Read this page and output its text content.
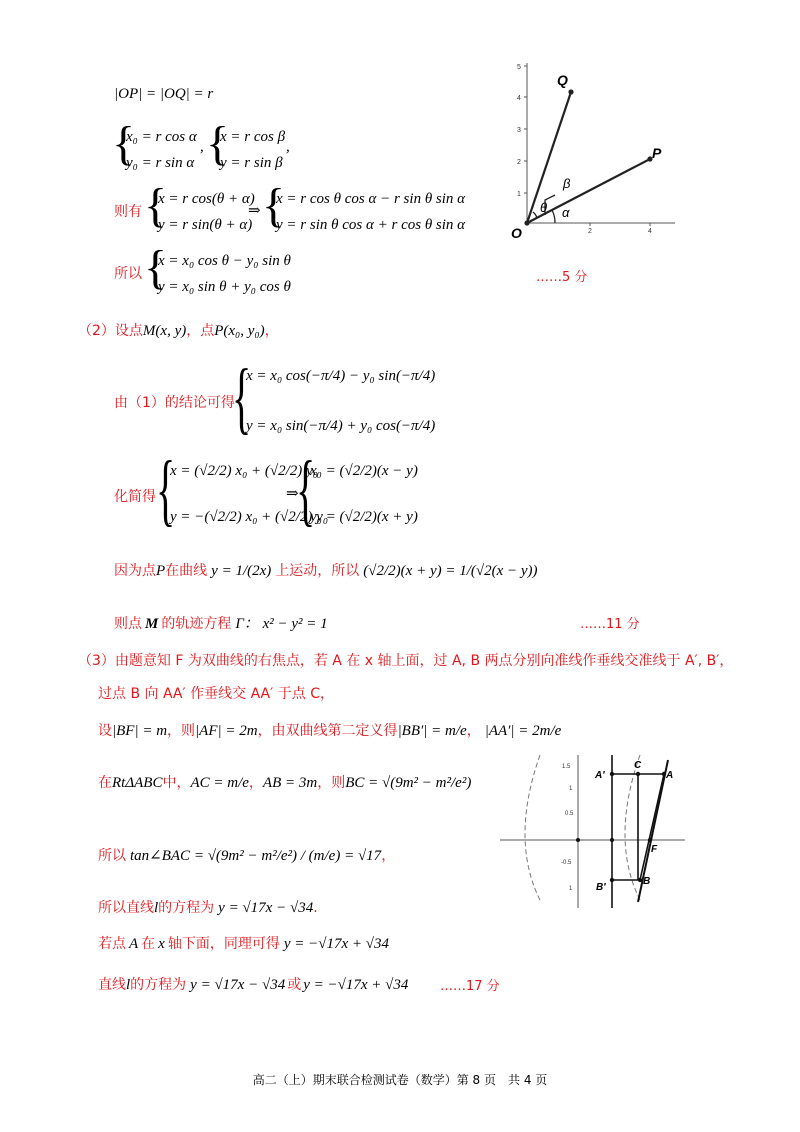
|OP| = |OQ| = r
{
x₀ = r cos α
y₀ = r sin α
, {
x = r cos β
y = r sin β
,
则有 {
x = r cos(θ + α)
y = r sin(θ + α)
⇒ {
x = r cos θ cos α − r sin θ sin α
y = r sin θ cos α + r cos θ sin α
所以 {
x = x₀ cos θ − y₀ sin θ
y = x₀ sin θ + y₀ cos θ
……5 分
1
2
3
4
5
2	4
Q
P
O
β
θ α
（2）设点M(x, y)，点P(x₀, y₀)，
由（1）的结论可得
{
x = x₀ cos(−π/4) − y₀ sin(−π/4)
y = x₀ sin(−π/4) + y₀ cos(−π/4)
化简得 {
x = (√2/2) x₀ + (√2/2) y₀
y = −(√2/2) x₀ + (√2/2) y₀
⇒
{
x₀ = (√2/2)(x − y)
y₀ = (√2/2)(x + y)
因为点P在曲线 y = 1/(2x) 上运动，所以 (√2/2)(x + y) = 1/(√2(x − y))
则点 M 的轨迹方程 Γ： x² − y² = 1	……11 分
（3）由题意知 F 为双曲线的右焦点，若 A 在 x 轴上面，过 A, B 两点分别向准线作垂线交准线于 A′, B′，
过点 B 向 AA′ 作垂线交 AA′ 于点 C，
设|BF| = m，则|AF| = 2m，由双曲线第二定义得|BB′| = m/e， |AA′| = 2m/e
在RtΔABC中，AC = m/e，AB = 3m，则BC = √(9m² − m²/e²)
所以 tan∠BAC = √(9m² − m²/e²) / (m/e) = √17，
所以直线l的方程为 y = √17x − √34.
若点 A 在 x 轴下面，同理可得 y = −√17x + √34
直线l的方程为 y = √17x − √34 或 y = −√17x + √34 ……17 分
1.5
1
0.5
-0.5
1
A′
C
A
F
B′
B
高二（上）期末联合检测试卷（数学）第 8 页　共 4 页
